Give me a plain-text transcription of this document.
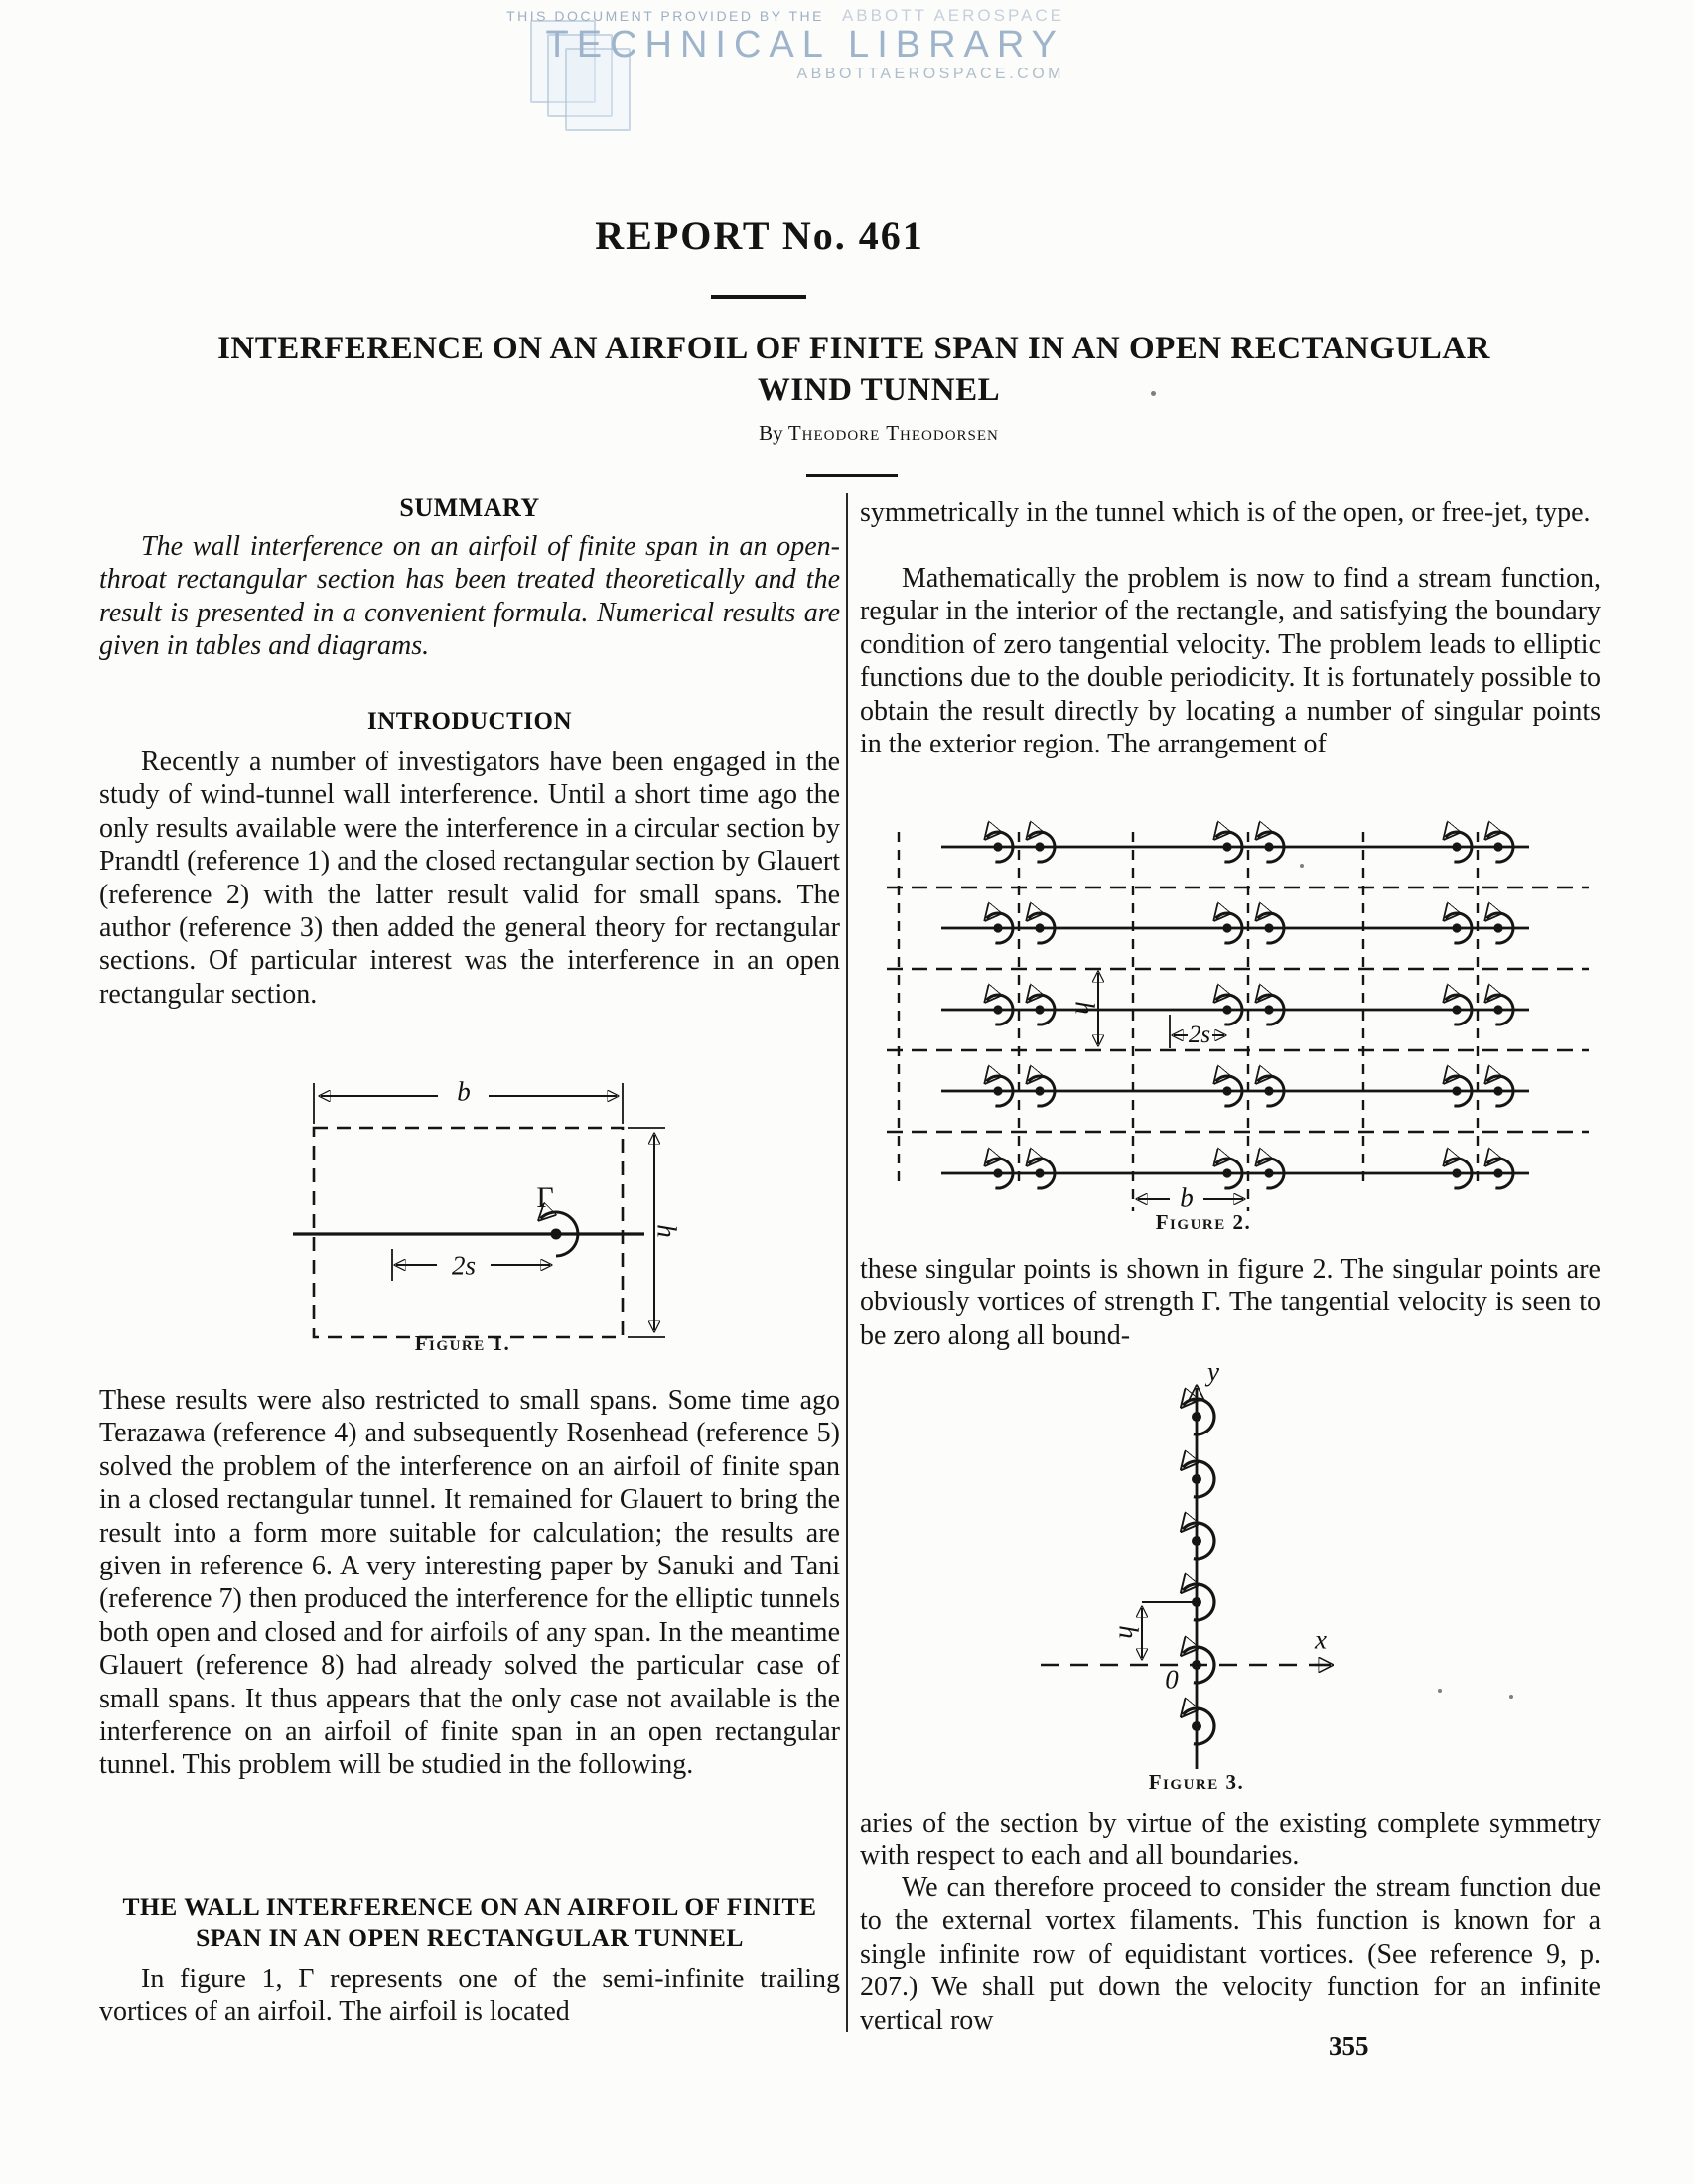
THIS DOCUMENT PROVIDED BY THE ABBOTT AEROSPACE
TECHNICAL LIBRARY
ABBOTTAEROSPACE.COM
REPORT No. 461
INTERFERENCE ON AN AIRFOIL OF FINITE SPAN IN AN OPEN RECTANGULAR
WIND TUNNEL
By Theodore Theodorsen
SUMMARY
The wall interference on an airfoil of finite span in an open-throat rectangular section has been treated theoretically and the result is presented in a convenient formula. Numerical results are given in tables and diagrams.
INTRODUCTION
Recently a number of investigators have been engaged in the study of wind-tunnel wall interference. Until a short time ago the only results available were the interference in a circular section by Prandtl (reference 1) and the closed rectangular section by Glauert (reference 2) with the latter result valid for small spans. The author (reference 3) then added the general theory for rectangular sections. Of particular interest was the interference in an open rectangular section.
b
Γ
2s
h
Figure 1.
These results were also restricted to small spans. Some time ago Terazawa (reference 4) and subsequently Rosenhead (reference 5) solved the problem of the interference on an airfoil of finite span in a closed rectangular tunnel. It remained for Glauert to bring the result into a form more suitable for calculation; the results are given in reference 6. A very interesting paper by Sanuki and Tani (reference 7) then produced the interference for the elliptic tunnels both open and closed and for airfoils of any span. In the meantime Glauert (reference 8) had already solved the particular case of small spans. It thus appears that the only case not available is the interference on an airfoil of finite span in an open rectangular tunnel. This problem will be studied in the following.
THE WALL INTERFERENCE ON AN AIRFOIL OF FINITE SPAN IN AN OPEN RECTANGULAR TUNNEL
In figure 1, Γ represents one of the semi-infinite trailing vortices of an airfoil. The airfoil is located
symmetrically in the tunnel which is of the open, or free-jet, type.
Mathematically the problem is now to find a stream function, regular in the interior of the rectangle, and satisfying the boundary condition of zero tangential velocity. The problem leads to elliptic functions due to the double periodicity. It is fortunately possible to obtain the result directly by locating a number of singular points in the exterior region. The arrangement of
h
2s
b
Figure 2.
these singular points is shown in figure 2. The singular points are obviously vortices of strength Γ. The tangential velocity is seen to be zero along all bound-
y
x
0
h
Figure 3.
aries of the section by virtue of the existing complete symmetry with respect to each and all boundaries.
We can therefore proceed to consider the stream function due to the external vortex filaments. This function is known for a single infinite row of equidistant vortices. (See reference 9, p. 207.) We shall put down the velocity function for an infinite vertical row
355
